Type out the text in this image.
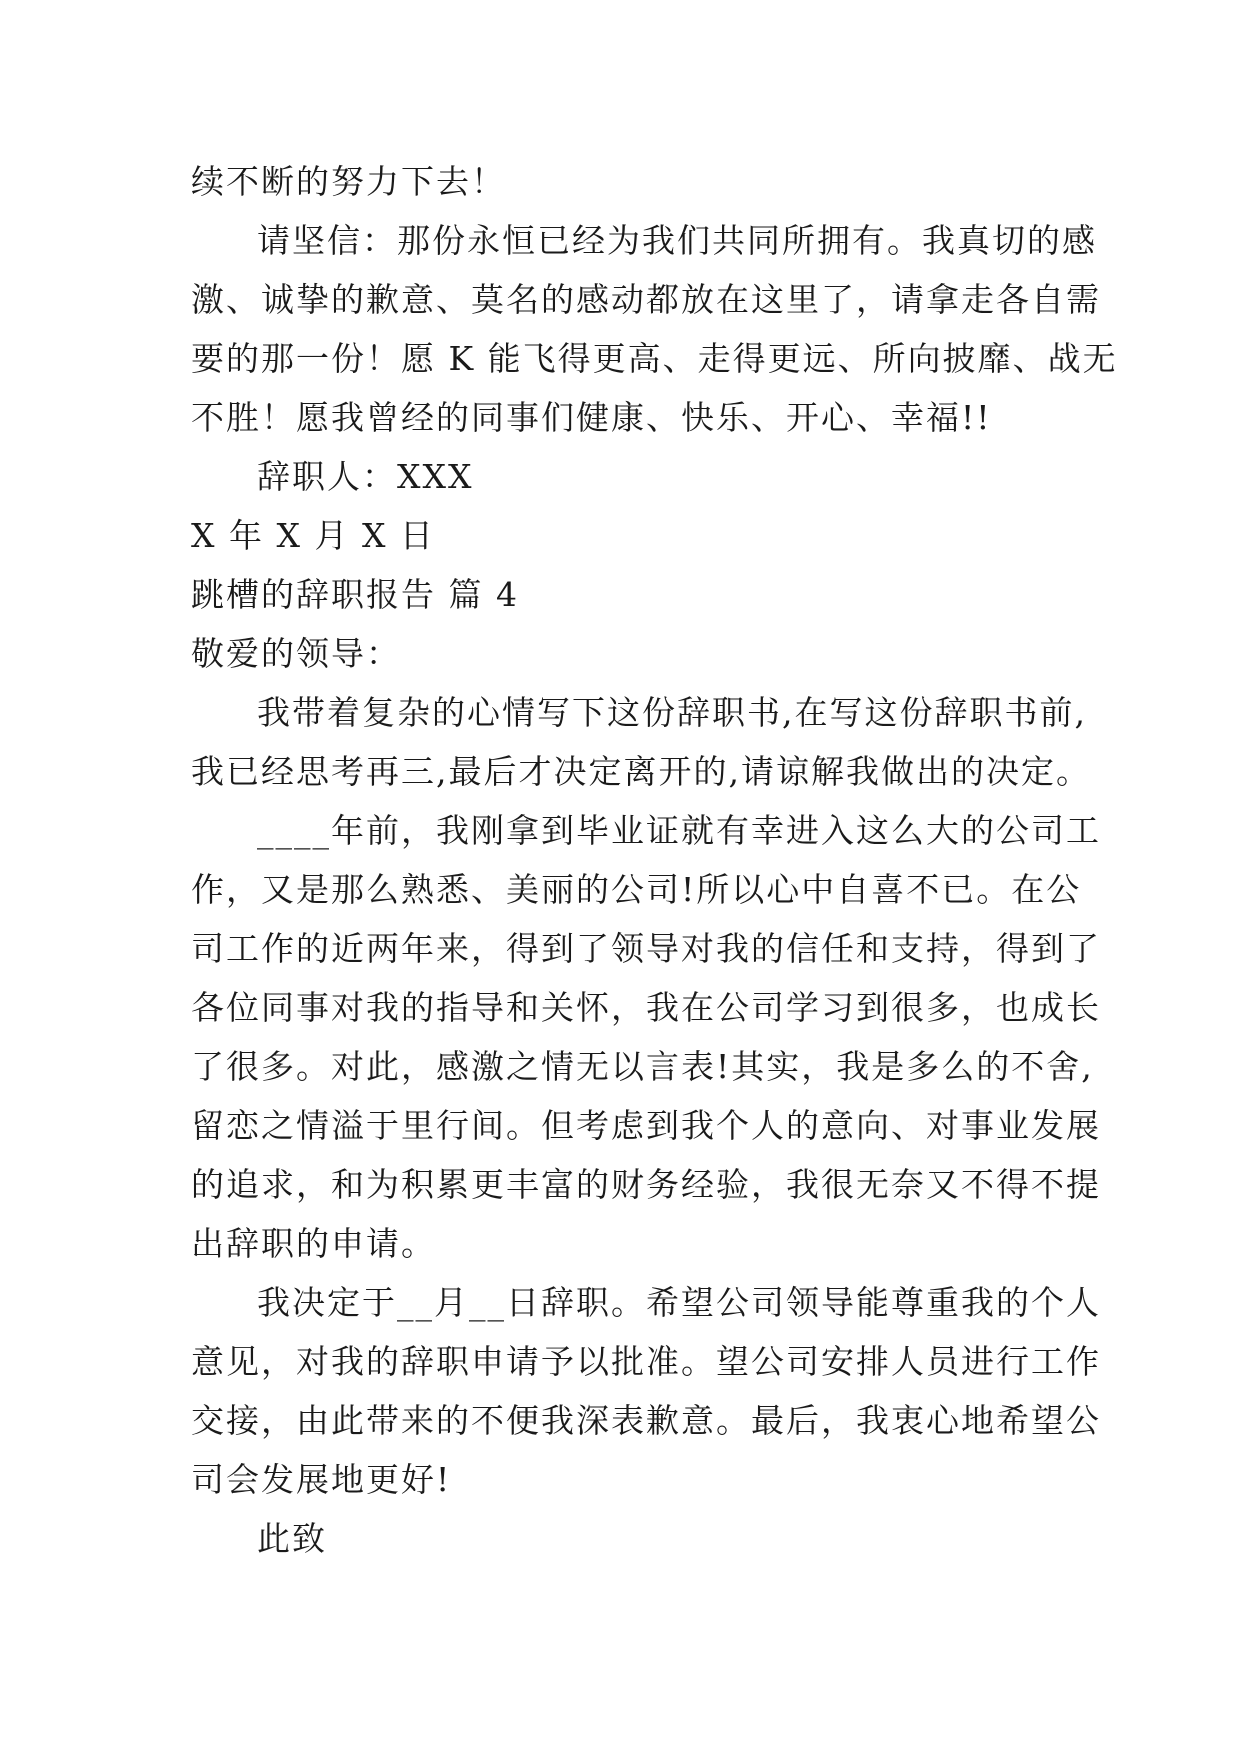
续不断的努力下去！
请坚信：那份永恒已经为我们共同所拥有。我真切的感
激、诚挚的歉意、莫名的感动都放在这里了，请拿走各自需
要的那一份！愿 K 能飞得更高、走得更远、所向披靡、战无
不胜！愿我曾经的同事们健康、快乐、开心、幸福!!
辞职人：XXX
X 年 X 月 X 日
跳槽的辞职报告 篇 4
敬爱的领导：
我带着复杂的心情写下这份辞职书,在写这份辞职书前,
我已经思考再三,最后才决定离开的,请谅解我做出的决定。
____年前，我刚拿到毕业证就有幸进入这么大的公司工
作，又是那么熟悉、美丽的公司!所以心中自喜不已。在公
司工作的近两年来，得到了领导对我的信任和支持，得到了
各位同事对我的指导和关怀，我在公司学习到很多，也成长
了很多。对此，感激之情无以言表!其实，我是多么的不舍,
留恋之情溢于里行间。但考虑到我个人的意向、对事业发展
的追求，和为积累更丰富的财务经验，我很无奈又不得不提
出辞职的申请。
我决定于__月__日辞职。希望公司领导能尊重我的个人
意见，对我的辞职申请予以批准。望公司安排人员进行工作
交接，由此带来的不便我深表歉意。最后，我衷心地希望公
司会发展地更好!
此致
